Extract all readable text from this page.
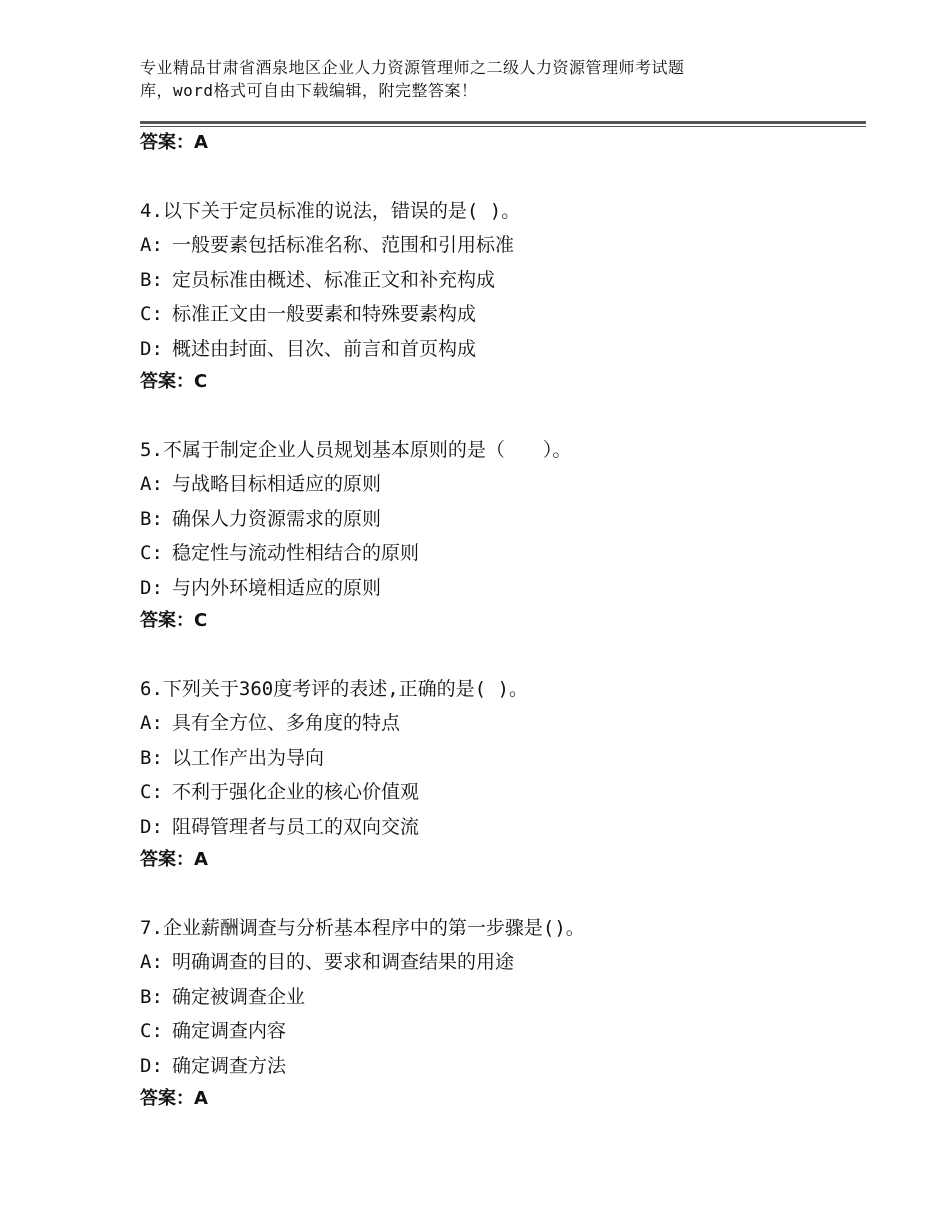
专业精品甘肃省酒泉地区企业人力资源管理师之二级人力资源管理师考试题
库，word格式可自由下载编辑，附完整答案！
答案：A
4.以下关于定员标准的说法，错误的是( )。
A: 一般要素包括标准名称、范围和引用标准
B: 定员标准由概述、标准正文和补充构成
C: 标准正文由一般要素和特殊要素构成
D: 概述由封面、目次、前言和首页构成
答案：C
5.不属于制定企业人员规划基本原则的是（　　）。
A: 与战略目标相适应的原则
B: 确保人力资源需求的原则
C: 稳定性与流动性相结合的原则
D: 与内外环境相适应的原则
答案：C
6.下列关于360度考评的表述,正确的是( )。
A: 具有全方位、多角度的特点
B: 以工作产出为导向
C: 不利于强化企业的核心价值观
D: 阻碍管理者与员工的双向交流
答案：A
7.企业薪酬调查与分析基本程序中的第一步骤是()。
A: 明确调查的目的、要求和调查结果的用途
B: 确定被调查企业
C: 确定调查内容
D: 确定调查方法
答案：A
